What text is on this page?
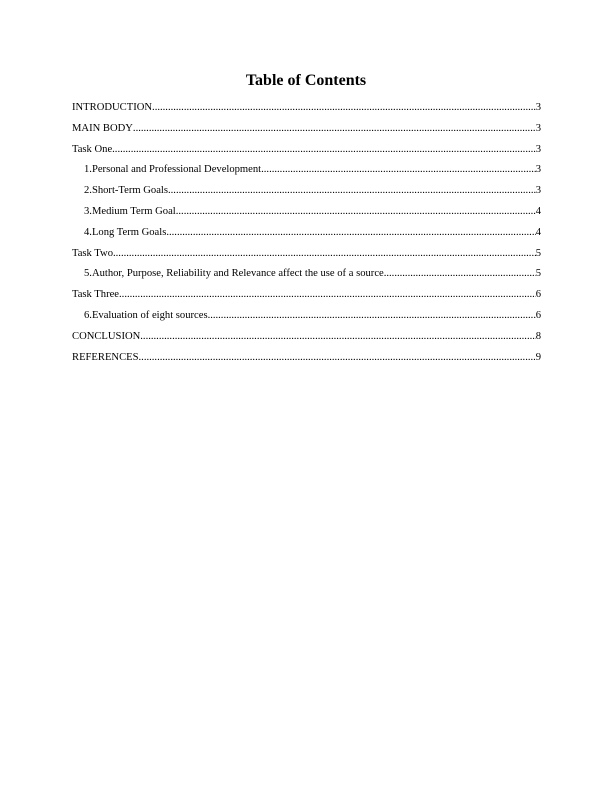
Table of Contents
INTRODUCTION .....	3
MAIN BODY .....	3
Task One .....	3
1.Personal and Professional Development .....	3
2.Short-Term Goals .....	3
3.Medium Term Goal .....	4
4.Long Term Goals .....	4
Task Two .....	5
5.Author, Purpose, Reliability and Relevance affect the use of a source .....	5
Task Three .....	6
6.Evaluation of eight sources .....	6
CONCLUSION .....	8
REFERENCES .....	9
